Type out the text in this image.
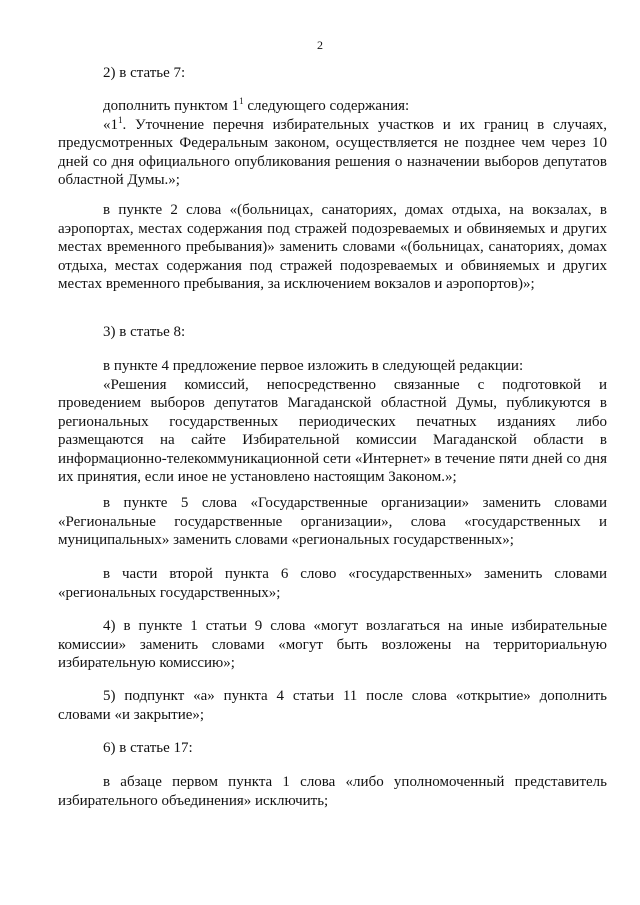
2

2) в статье 7:

дополнить пунктом $1^1$ следующего содержания:

«$1^1$. Уточнение перечня избирательных участков и их границ в случаях, предусмотренных Федеральным законом, осуществляется не позднее чем через 10 дней со дня официального опубликования решения о назначении выборов депутатов областной Думы.»;

в пункте 2 слова «(больницах, санаториях, домах отдыха, на вокзалах, в аэропортах, местах содержания под стражей подозреваемых и обвиняемых и других местах временного пребывания)» заменить словами «(больницах, санаториях, домах отдыха, местах содержания под стражей подозреваемых и обвиняемых и других местах временного пребывания, за исключением вокзалов и аэропортов)»;

3) в статье 8:

в пункте 4 предложение первое изложить в следующей редакции:

«Решения комиссий, непосредственно связанные с подготовкой и проведением выборов депутатов Магаданской областной Думы, публикуются в региональных государственных периодических печатных изданиях либо размещаются на сайте Избирательной комиссии Магаданской области в информационно-телекоммуникационной сети «Интернет» в течение пяти дней со дня их принятия, если иное не установлено настоящим Законом.»;

в пункте 5 слова «Государственные организации» заменить словами «Региональные государственные организации», слова «государственных и муниципальных» заменить словами «региональных государственных»;

в части второй пункта 6 слово «государственных» заменить словами «региональных государственных»;

4) в пункте 1 статьи 9 слова «могут возлагаться на иные избирательные комиссии» заменить словами «могут быть возложены на территориальную избирательную комиссию»;

5) подпункт «а» пункта 4 статьи 11 после слова «открытие» дополнить словами «и закрытие»;

6) в статье 17:

в абзаце первом пункта 1 слова «либо уполномоченный представитель избирательного объединения» исключить;
